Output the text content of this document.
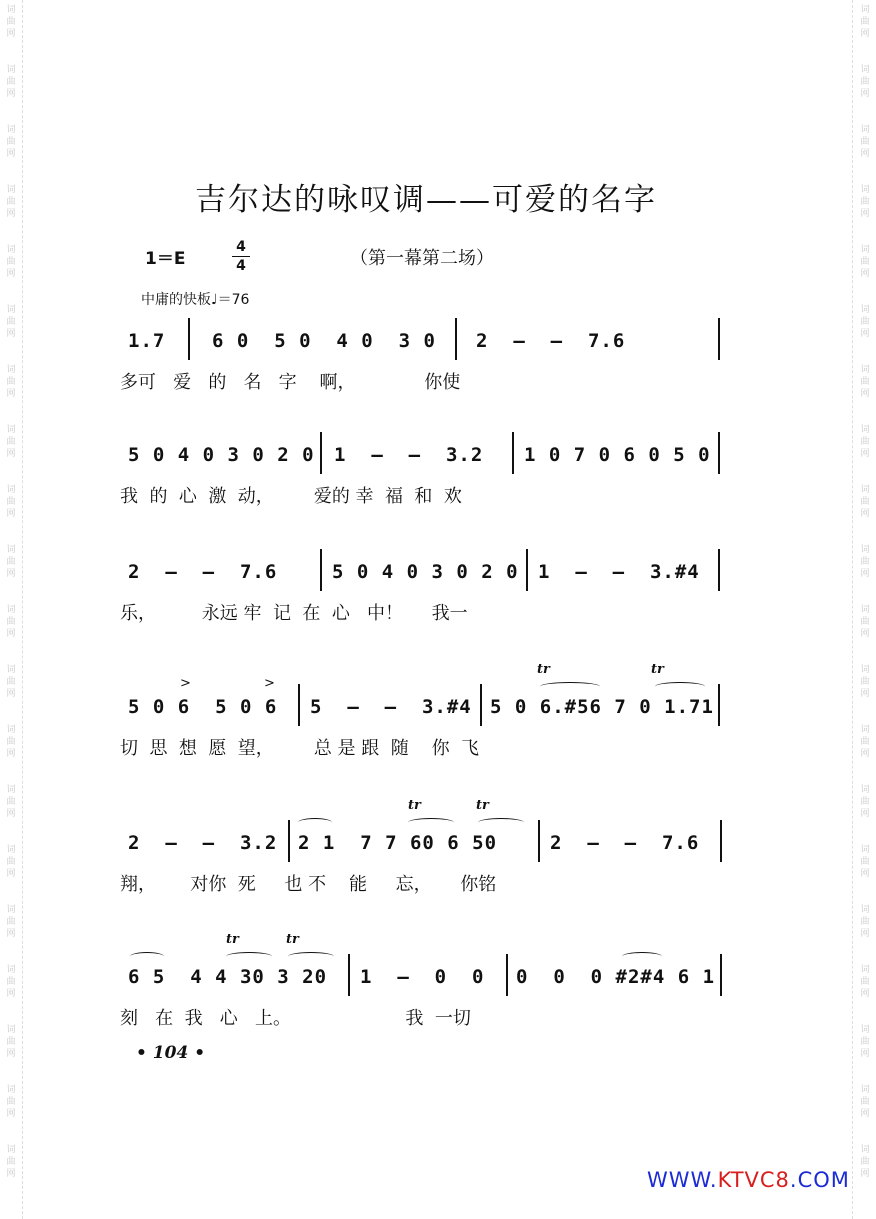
词
曲
网
词
曲
网
词
曲
网
词
曲
网
词
曲
网
词
曲
网
词
曲
网
词
曲
网
词
曲
网
词
曲
网
词
曲
网
词
曲
网
词
曲
网
词
曲
网
词
曲
网
词
曲
网
词
曲
网
词
曲
网
词
曲
网
词
曲
网
词
曲
网
词
曲
网
词
曲
网
词
曲
网
词
曲
网
词
曲
网
词
曲
网
词
曲
网
词
曲
网
词
曲
网
词
曲
网
词
曲
网
词
曲
网
词
曲
网
词
曲
网
词
曲
网
词
曲
网
词
曲
网
词
曲
网
词
曲
网
吉尔达的咏叹调——可爱的名字
1＝E
4
4	（第一幕第二场）
中庸的快板♩＝76
1.7 6 0  5 0  4 0  3 0 2  –  –  7.6
多可   爱   的   名   字    啊，            你使
5 0 4 0 3 0 2 0 1  –  –  3.2 1 0 7 0 6 0 5 0
我  的  心  激  动，       爱的 幸  福  和  欢
2  –  –  7.6	5 0 4 0 3 0 2 0 1  –  –  3.#4
乐，        永远 牢  记  在  心   中！     我一
>	>
tr	tr
5 0 6  5 0 6 5  –  –  3.#4 5 0 6.#56 7 0 1.71
切  思  想  愿  望，       总 是 跟  随    你  飞
tr	tr
2  –  –  3.2 2 1  7 7 60 6 50	2  –  –  7.6
翔，      对你  死     也 不    能     忘，     你铭
tr	tr
6 5  4 4 30 3 20 1  –  0  0 0  0  0 #2#4 6 1
刻   在  我   心   上。                    我  一切
• 104 •
WWW.KTVC8.COM
